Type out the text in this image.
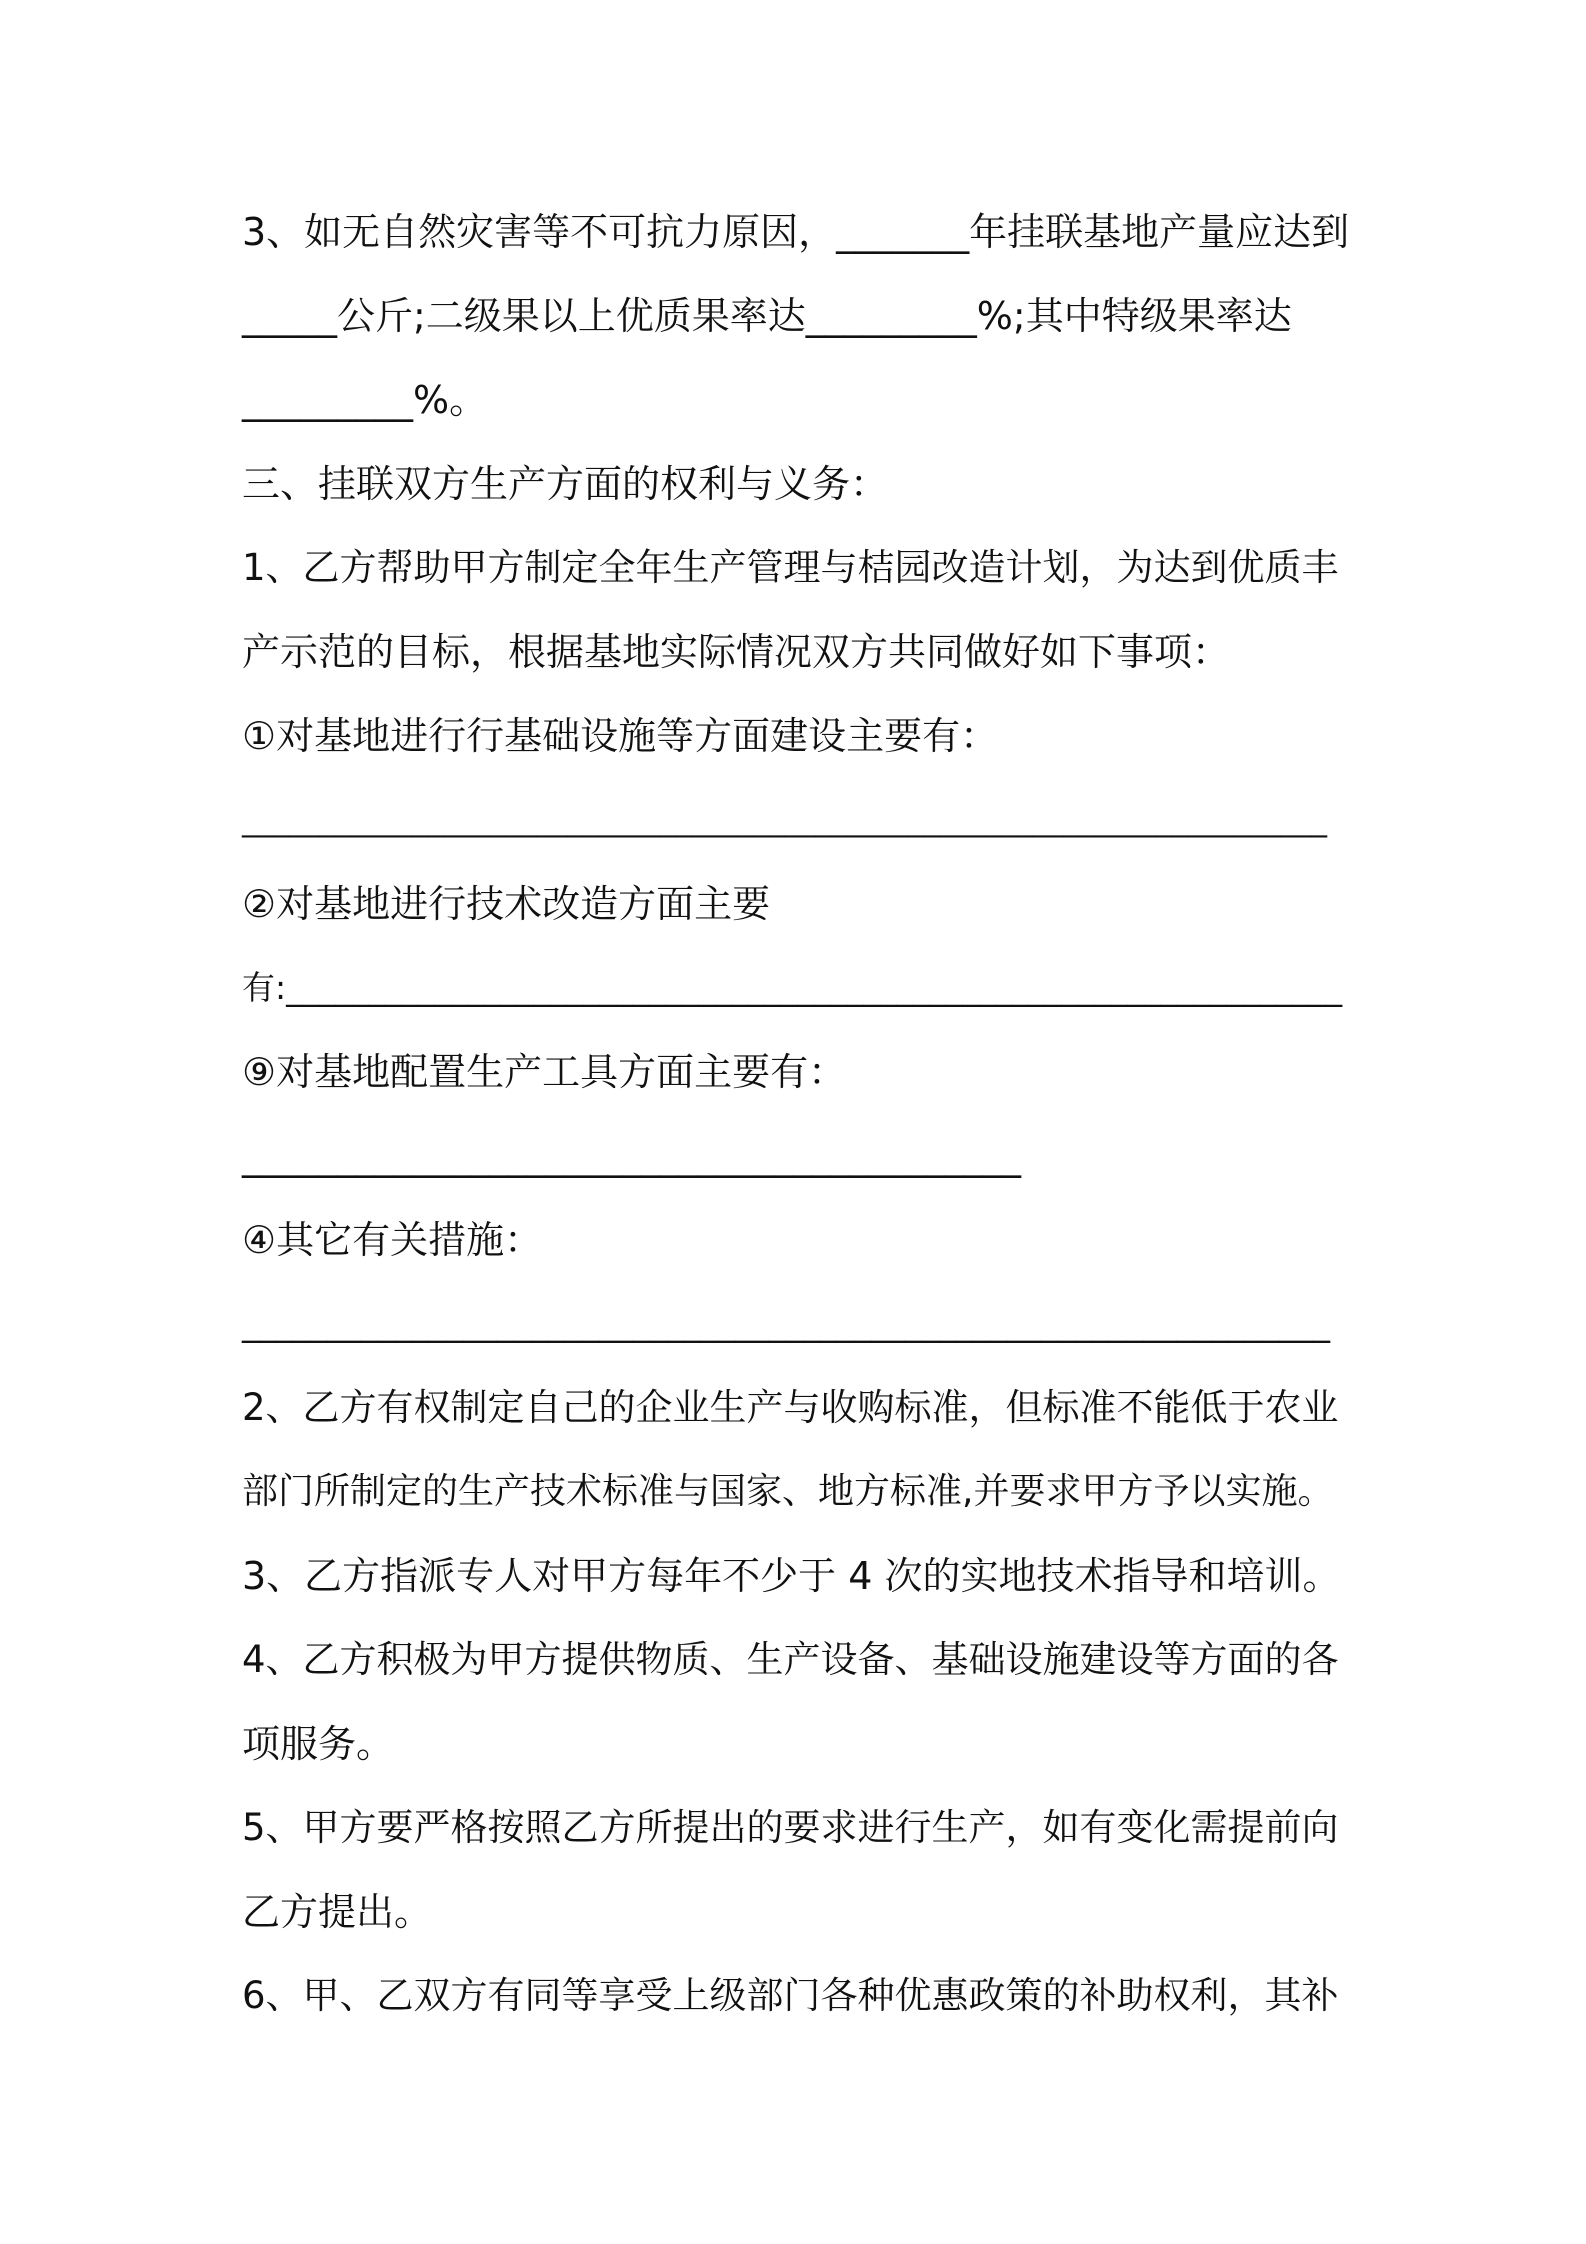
3、如无自然灾害等不可抗力原因，_______年挂联基地产量应达到
_____公斤;二级果以上优质果率达_________%;其中特级果率达
_________%。
三、挂联双方生产方面的权利与义务：
1、乙方帮助甲方制定全年生产管理与桔园改造计划，为达到优质丰
产示范的目标，根据基地实际情况双方共同做好如下事项：
①对基地进行行基础设施等方面建设主要有：
______________________________________________________________________
②对基地进行技术改造方面主要
有:________________________________________________________________
⑨对基地配置生产工具方面主要有：
_________________________________________
④其它有关措施：
________________________________________________________________
2、乙方有权制定自己的企业生产与收购标准，但标准不能低于农业
部门所制定的生产技术标准与国家、地方标准,并要求甲方予以实施。
3、乙方指派专人对甲方每年不少于 4 次的实地技术指导和培训。
4、乙方积极为甲方提供物质、生产设备、基础设施建设等方面的各
项服务。
5、甲方要严格按照乙方所提出的要求进行生产，如有变化需提前向
乙方提出。
6、甲、乙双方有同等享受上级部门各种优惠政策的补助权利，其补
